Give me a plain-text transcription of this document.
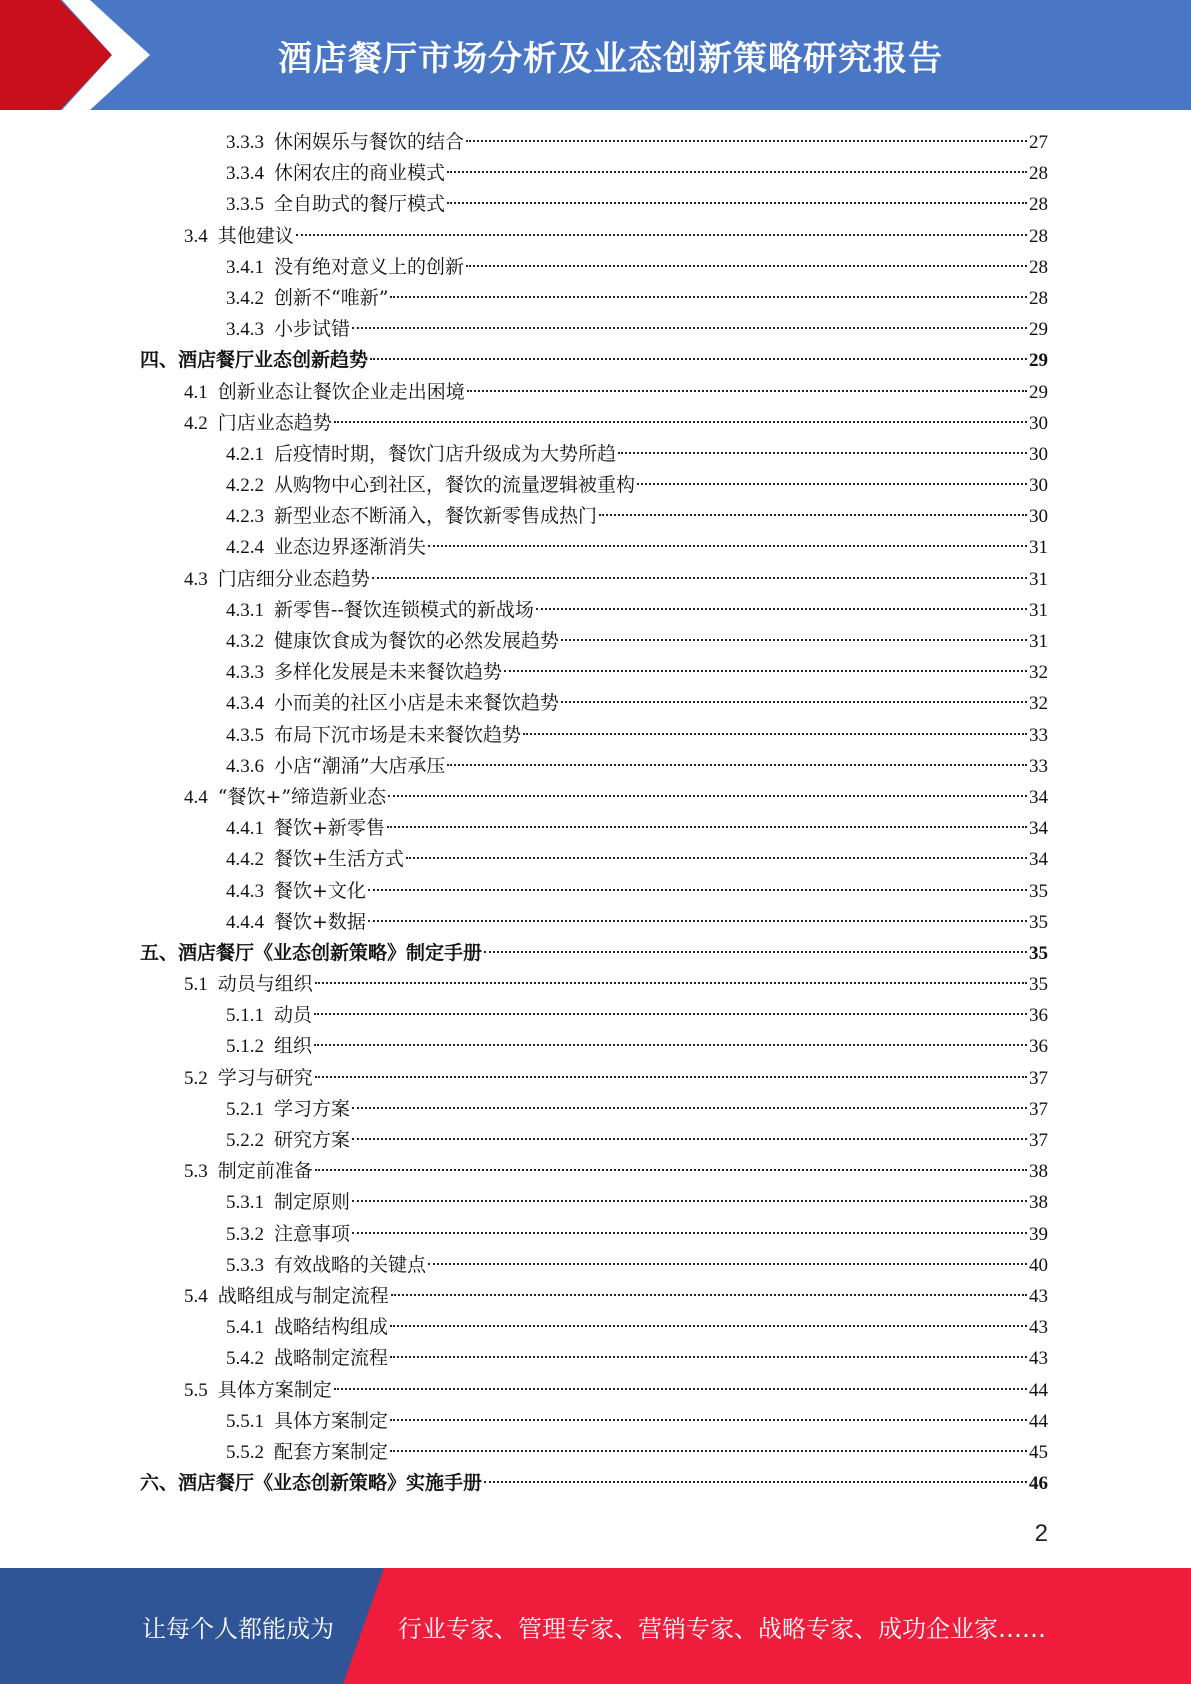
酒店餐厅市场分析及业态创新策略研究报告
3.3.3 休闲娱乐与餐饮的结合	27
3.3.4 休闲农庄的商业模式	28
3.3.5 全自助式的餐厅模式	28
3.4 其他建议	28
3.4.1 没有绝对意义上的创新	28
3.4.2 创新不“唯新”	28
3.4.3 小步试错	29
四、酒店餐厅业态创新趋势	29
4.1 创新业态让餐饮企业走出困境	29
4.2 门店业态趋势	30
4.2.1 后疫情时期，餐饮门店升级成为大势所趋	30
4.2.2 从购物中心到社区，餐饮的流量逻辑被重构	30
4.2.3 新型业态不断涌入，餐饮新零售成热门	30
4.2.4 业态边界逐渐消失	31
4.3 门店细分业态趋势	31
4.3.1 新零售--餐饮连锁模式的新战场	31
4.3.2 健康饮食成为餐饮的必然发展趋势	31
4.3.3 多样化发展是未来餐饮趋势	32
4.3.4 小而美的社区小店是未来餐饮趋势	32
4.3.5 布局下沉市场是未来餐饮趋势	33
4.3.6 小店“潮涌”大店承压	33
4.4 “餐饮+”缔造新业态	34
4.4.1 餐饮+新零售	34
4.4.2 餐饮+生活方式	34
4.4.3 餐饮+文化	35
4.4.4 餐饮+数据	35
五、酒店餐厅《业态创新策略》制定手册	35
5.1 动员与组织	35
5.1.1 动员	36
5.1.2 组织	36
5.2 学习与研究	37
5.2.1 学习方案	37
5.2.2 研究方案	37
5.3 制定前准备	38
5.3.1 制定原则	38
5.3.2 注意事项	39
5.3.3 有效战略的关键点	40
5.4 战略组成与制定流程	43
5.4.1 战略结构组成	43
5.4.2 战略制定流程	43
5.5 具体方案制定	44
5.5.1 具体方案制定	44
5.5.2 配套方案制定	45
六、酒店餐厅《业态创新策略》实施手册	46
2
让每个人都能成为	行业专家、管理专家、营销专家、战略专家、成功企业家……
